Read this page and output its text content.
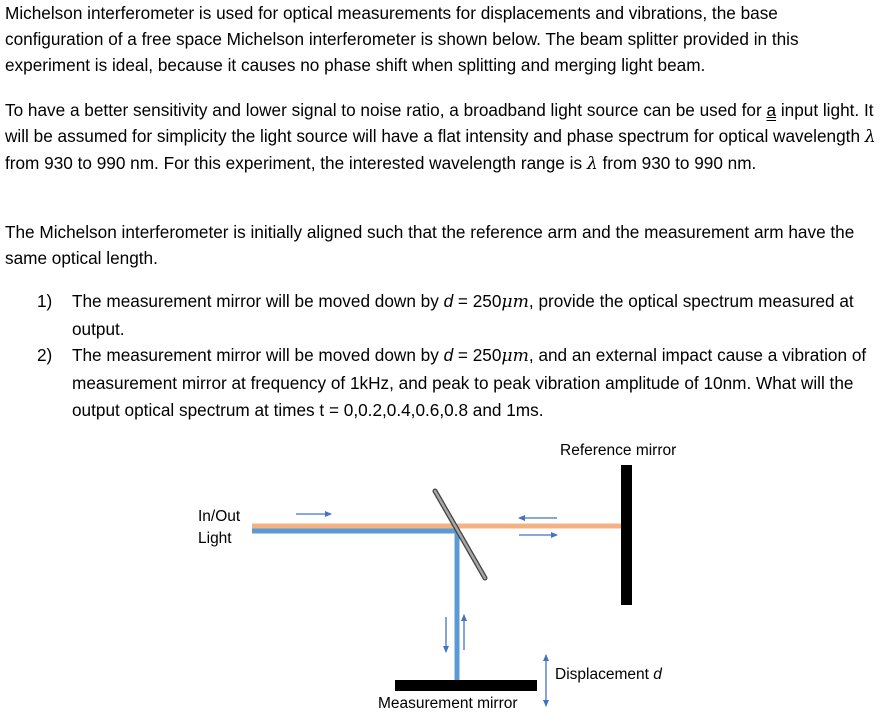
Michelson interferometer is used for optical measurements for displacements and vibrations, the base configuration of a free space Michelson interferometer is shown below. The beam splitter provided in this experiment is ideal, because it causes no phase shift when splitting and merging light beam.

To have a better sensitivity and lower signal to noise ratio, a broadband light source can be used for a input light. It will be assumed for simplicity the light source will have a flat intensity and phase spectrum for optical wavelength λ from 930 to 990 nm. For this experiment, the interested wavelength range is λ from 930 to 990 nm.

The Michelson interferometer is initially aligned such that the reference arm and the measurement arm have the same optical length.

1) The measurement mirror will be moved down by d = 250μm, provide the optical spectrum measured at output.
2) The measurement mirror will be moved down by d = 250μm, and an external impact cause a vibration of measurement mirror at frequency of 1kHz, and peak to peak vibration amplitude of 10nm. What will the output optical spectrum at times t = 0,0.2,0.4,0.6,0.8 and 1ms.
Reference mirror
In/Out
Light
Displacement d
Measurement mirror
